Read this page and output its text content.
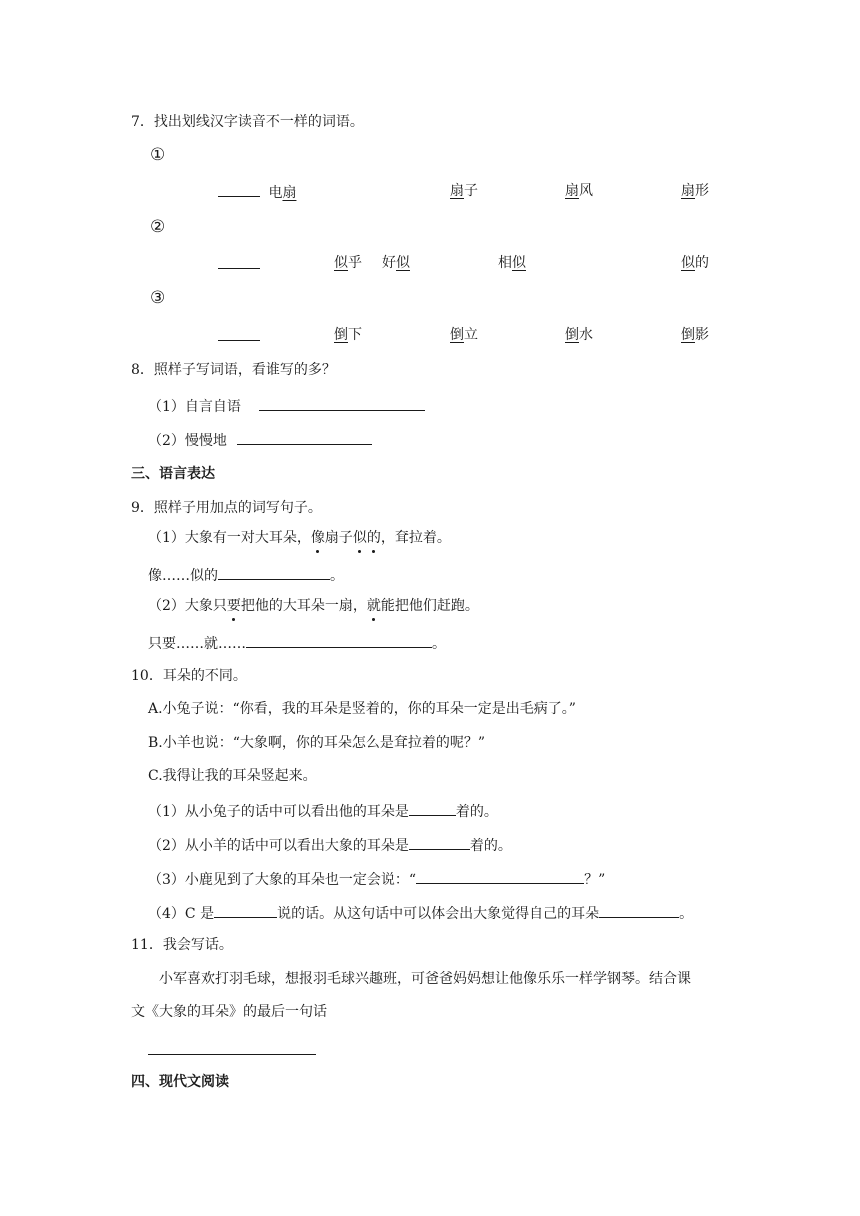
7．找出划线汉字读音不一样的词语。
①
电扇	扇子	扇风	扇形
②
似乎 好似	相似	似的
③
倒下	倒立	倒水	倒影
8．照样子写词语，看谁写的多？
（1）自言自语
（2）慢慢地
三、语言表达
9．照样子用加点的词写句子。
（1）大象有一对大耳朵，像扇子似的，耷拉着。
像……似的	。
（2）大象只要把他的大耳朵一扇，就能把他们赶跑。
只要……就……	。
10．耳朵的不同。
A.小兔子说：“你看，我的耳朵是竖着的，你的耳朵一定是出毛病了。”
B.小羊也说：“大象啊，你的耳朵怎么是耷拉着的呢？”
C.我得让我的耳朵竖起来。
（1）从小兔子的话中可以看出他的耳朵是	着的。
（2）从小羊的话中可以看出大象的耳朵是	着的。
（3）小鹿见到了大象的耳朵也一定会说：“	？”
（4）C 是	说的话。从这句话中可以体会出大象觉得自己的耳朵	。
11．我会写话。
小军喜欢打羽毛球，想报羽毛球兴趣班，可爸爸妈妈想让他像乐乐一样学钢琴。结合课
文《大象的耳朵》的最后一句话
四、现代文阅读
